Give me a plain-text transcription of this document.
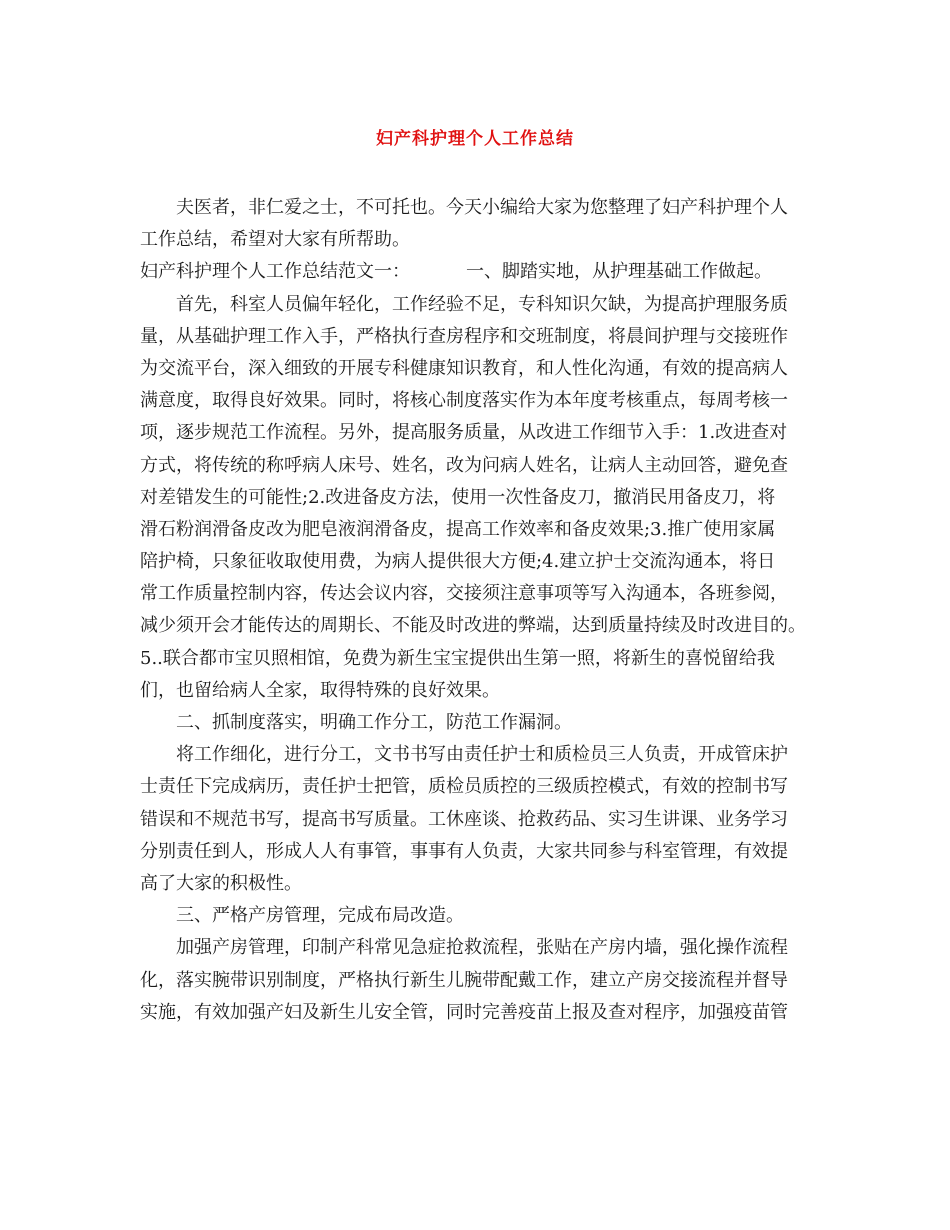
妇产科护理个人工作总结
夫医者，非仁爱之士，不可托也。今天小编给大家为您整理了妇产科护理个人
工作总结，希望对大家有所帮助。
妇产科护理个人工作总结范文一：	一、脚踏实地，从护理基础工作做起。
首先，科室人员偏年轻化，工作经验不足，专科知识欠缺，为提高护理服务质
量，从基础护理工作入手，严格执行查房程序和交班制度，将晨间护理与交接班作
为交流平台，深入细致的开展专科健康知识教育，和人性化沟通，有效的提高病人
满意度，取得良好效果。同时，将核心制度落实作为本年度考核重点，每周考核一
项，逐步规范工作流程。另外，提高服务质量，从改进工作细节入手：1.改进查对
方式，将传统的称呼病人床号、姓名，改为问病人姓名，让病人主动回答，避免查
对差错发生的可能性;2.改进备皮方法，使用一次性备皮刀，撤消民用备皮刀，将
滑石粉润滑备皮改为肥皂液润滑备皮，提高工作效率和备皮效果;3.推广使用家属
陪护椅，只象征收取使用费，为病人提供很大方便;4.建立护士交流沟通本，将日
常工作质量控制内容，传达会议内容，交接须注意事项等写入沟通本，各班参阅，
减少须开会才能传达的周期长、不能及时改进的弊端，达到质量持续及时改进目的。
5..联合都市宝贝照相馆，免费为新生宝宝提供出生第一照，将新生的喜悦留给我
们，也留给病人全家，取得特殊的良好效果。
二、抓制度落实，明确工作分工，防范工作漏洞。
将工作细化，进行分工，文书书写由责任护士和质检员三人负责，开成管床护
士责任下完成病历，责任护士把管，质检员质控的三级质控模式，有效的控制书写
错误和不规范书写，提高书写质量。工休座谈、抢救药品、实习生讲课、业务学习
分别责任到人，形成人人有事管，事事有人负责，大家共同参与科室管理，有效提
高了大家的积极性。
三、严格产房管理，完成布局改造。
加强产房管理，印制产科常见急症抢救流程，张贴在产房内墙，强化操作流程
化，落实腕带识别制度，严格执行新生儿腕带配戴工作，建立产房交接流程并督导
实施，有效加强产妇及新生儿安全管，同时完善疫苗上报及查对程序，加强疫苗管
